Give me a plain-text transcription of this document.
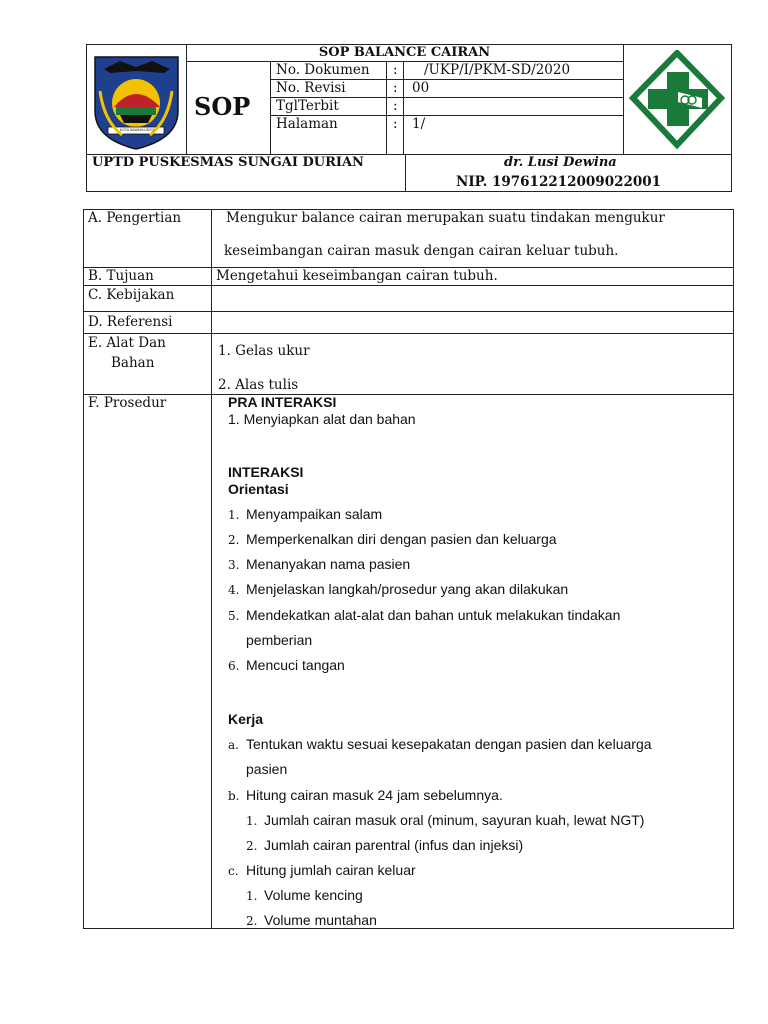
KOTA SAWAHLUNTO
SOP
SOP BALANCE CAIRAN
No. Dokumen : /UKP/I/PKM-SD/2020
No. Revisi	: 00
TglTerbit	:
Halaman	: 1/
UPTD PUSKESMAS SUNGAI DURIAN	dr. Lusi Dewina
NIP. 197612212009022001
A. Pengertian	Mengukur balance cairan merupakan suatu tindakan mengukur
keseimbangan cairan masuk dengan cairan keluar tubuh.
B. Tujuan	Mengetahui keseimbangan cairan tubuh.
C. Kebijakan
D. Referensi
E. Alat Dan
Bahan
1. Gelas ukur
2. Alas tulis
F. Prosedur	PRA INTERAKSI
1. Menyiapkan alat dan bahan
INTERAKSI
Orientasi
1. Menyampaikan salam
2. Memperkenalkan diri dengan pasien dan keluarga
3. Menanyakan nama pasien
4. Menjelaskan langkah/prosedur yang akan dilakukan
5. Mendekatkan alat-alat dan bahan untuk melakukan tindakan
pemberian
6. Mencuci tangan
Kerja
a. Tentukan waktu sesuai kesepakatan dengan pasien dan keluarga
pasien
b. Hitung cairan masuk 24 jam sebelumnya.
1. Jumlah cairan masuk oral (minum, sayuran kuah, lewat NGT)
2. Jumlah cairan parentral (infus dan injeksi)
c. Hitung jumlah cairan keluar
1. Volume kencing
2. Volume muntahan
